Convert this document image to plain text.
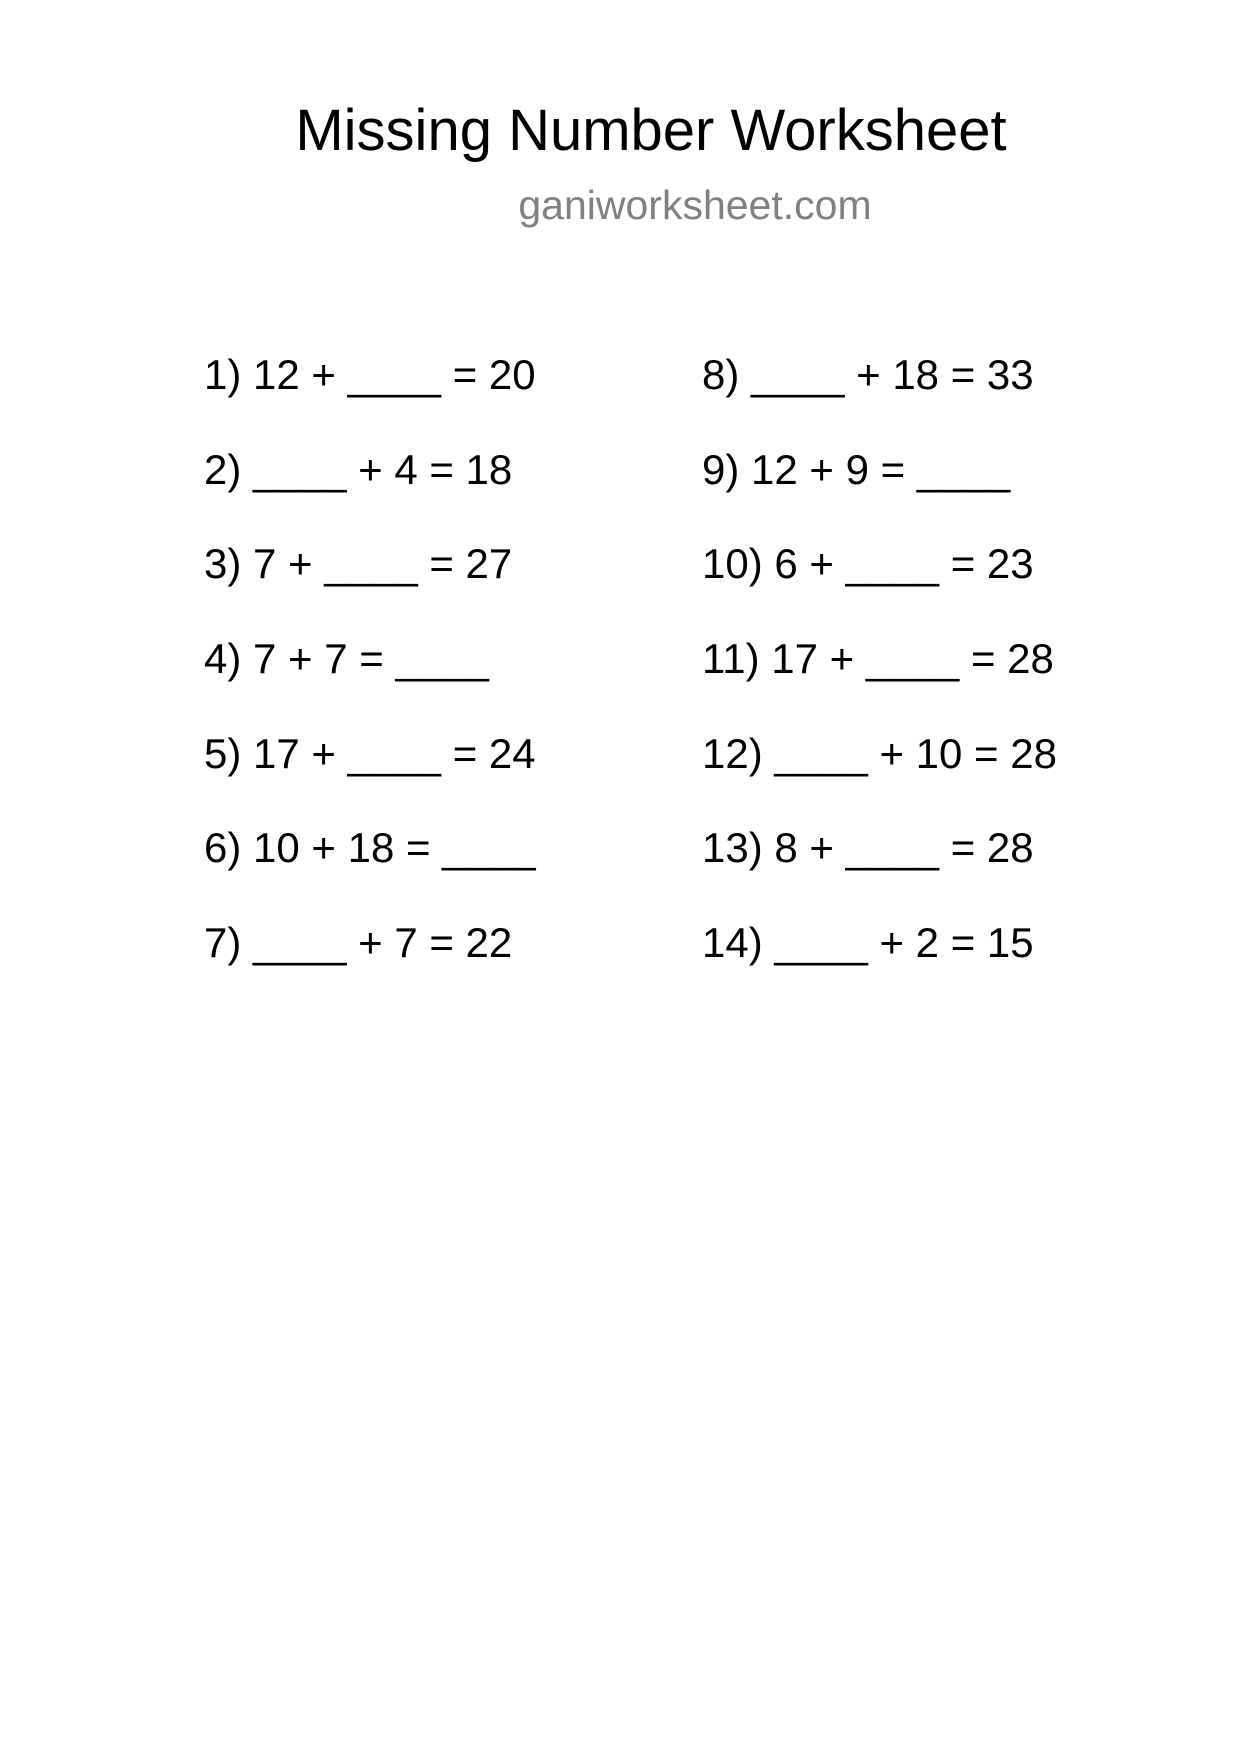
Missing Number Worksheet
ganiworksheet.com
1) 12 + ____ = 20
2) ____ + 4 = 18
3) 7 + ____ = 27
4) 7 + 7 = ____
5) 17 + ____ = 24
6) 10 + 18 = ____
7) ____ + 7 = 22
8) ____ + 18 = 33
9) 12 + 9 = ____
10) 6 + ____ = 23
11) 17 + ____ = 28
12) ____ + 10 = 28
13) 8 + ____ = 28
14) ____ + 2 = 15
